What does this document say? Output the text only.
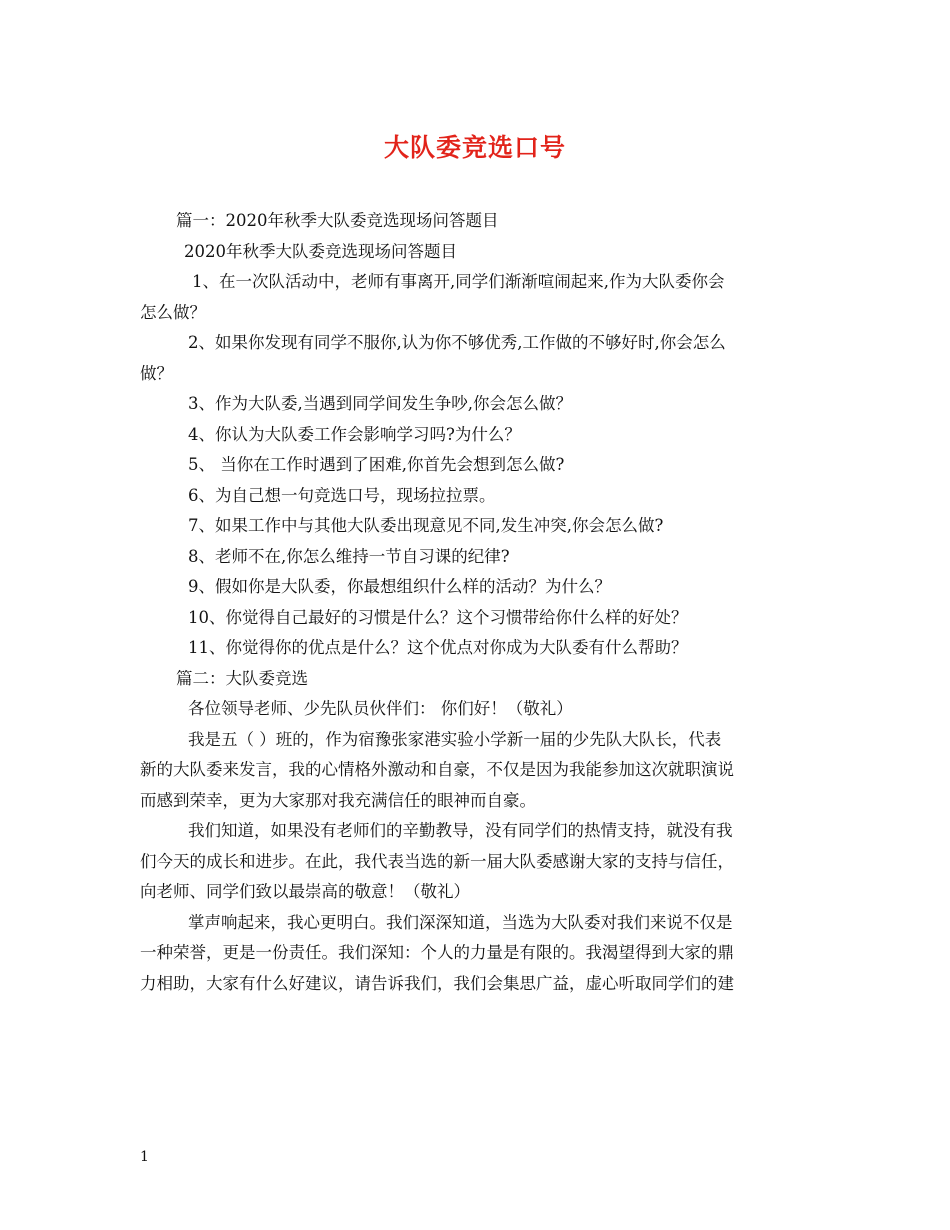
大队委竞选口号

篇一：2020年秋季大队委竞选现场问答题目

2020年秋季大队委竞选现场问答题目

1、在一次队活动中，老师有事离开,同学们渐渐喧闹起来,作为大队委你会

怎么做？

2、如果你发现有同学不服你,认为你不够优秀,工作做的不够好时,你会怎么

做？

3、作为大队委,当遇到同学间发生争吵,你会怎么做？

4、你认为大队委工作会影响学习吗?为什么？

5、 当你在工作时遇到了困难,你首先会想到怎么做?

6、为自己想一句竞选口号，现场拉拉票。

7、如果工作中与其他大队委出现意见不同,发生冲突,你会怎么做?

8、老师不在,你怎么维持一节自习课的纪律?

9、假如你是大队委，你最想组织什么样的活动？为什么？

10、你觉得自己最好的习惯是什么？这个习惯带给你什么样的好处？

11、你觉得你的优点是什么？这个优点对你成为大队委有什么帮助？

篇二：大队委竞选

各位领导老师、少先队员伙伴们： 你们好！（敬礼）

我是五（ ）班的，作为宿豫张家港实验小学新一届的少先队大队长，代表

新的大队委来发言，我的心情格外激动和自豪，不仅是因为我能参加这次就职演说

而感到荣幸，更为大家那对我充满信任的眼神而自豪。

我们知道，如果没有老师们的辛勤教导，没有同学们的热情支持，就没有我

们今天的成长和进步。在此，我代表当选的新一届大队委感谢大家的支持与信任，

向老师、同学们致以最崇高的敬意！（敬礼）

掌声响起来，我心更明白。我们深深知道，当选为大队委对我们来说不仅是

一种荣誉，更是一份责任。我们深知：个人的力量是有限的。我渴望得到大家的鼎

力相助，大家有什么好建议，请告诉我们，我们会集思广益，虚心听取同学们的建

1
